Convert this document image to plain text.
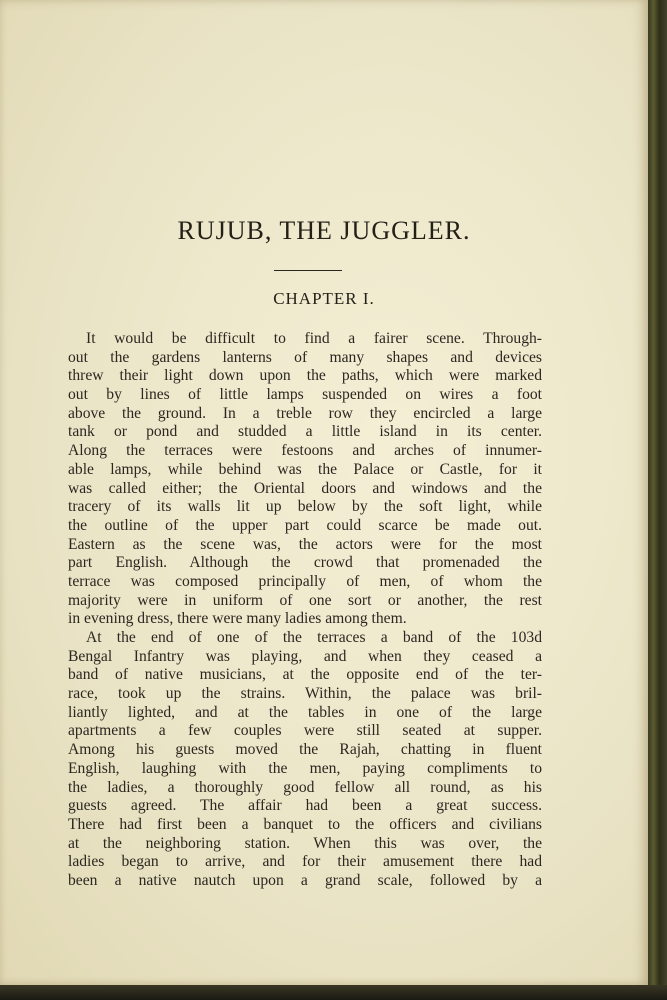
RUJUB, THE JUGGLER.
CHAPTER I.
It would be difficult to find a fairer scene. Through-
out the gardens lanterns of many shapes and devices
threw their light down upon the paths, which were marked
out by lines of little lamps suspended on wires a foot
above the ground. In a treble row they encircled a large
tank or pond and studded a little island in its center.
Along the terraces were festoons and arches of innumer-
able lamps, while behind was the Palace or Castle, for it
was called either; the Oriental doors and windows and the
tracery of its walls lit up below by the soft light, while
the outline of the upper part could scarce be made out.
Eastern as the scene was, the actors were for the most
part English. Although the crowd that promenaded the
terrace was composed principally of men, of whom the
majority were in uniform of one sort or another, the rest
in evening dress, there were many ladies among them.
At the end of one of the terraces a band of the 103d
Bengal Infantry was playing, and when they ceased a
band of native musicians, at the opposite end of the ter-
race, took up the strains. Within, the palace was bril-
liantly lighted, and at the tables in one of the large
apartments a few couples were still seated at supper.
Among his guests moved the Rajah, chatting in fluent
English, laughing with the men, paying compliments to
the ladies, a thoroughly good fellow all round, as his
guests agreed. The affair had been a great success.
There had first been a banquet to the officers and civilians
at the neighboring station. When this was over, the
ladies began to arrive, and for their amusement there had
been a native nautch upon a grand scale, followed by a
